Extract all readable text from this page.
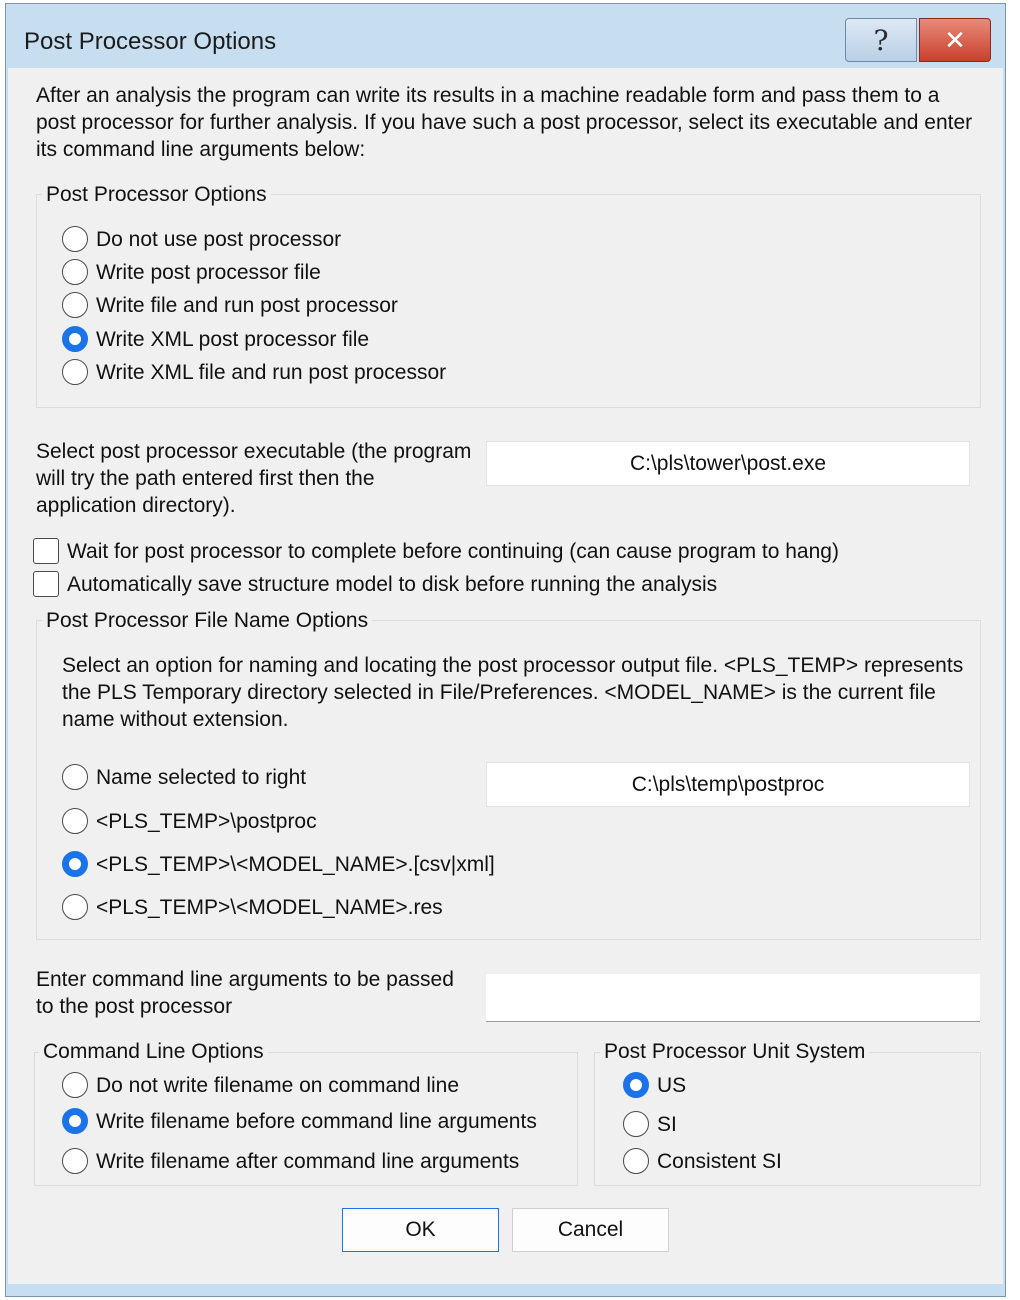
Post Processor Options	? ✕
After an analysis the program can write its results in a machine readable form and pass them to a post processor for further analysis. If you have such a post processor, select its executable and enter its command line arguments below:
Post Processor Options
Do not use post processor
Write post processor file
Write file and run post processor
Write XML post processor file
Write XML file and run post processor
Select post processor executable (the program will try the path entered first then the application directory).
C:\pls\tower\post.exe
Wait for post processor to complete before continuing (can cause program to hang)
Automatically save structure model to disk before running the analysis
Post Processor File Name Options
Select an option for naming and locating the post processor output file. <PLS_TEMP> represents the PLS Temporary directory selected in File/Preferences. <MODEL_NAME> is the current file name without extension.
Name selected to right	C:\pls\temp\postproc
<PLS_TEMP>\postproc
<PLS_TEMP>\<MODEL_NAME>.[csv|xml]
<PLS_TEMP>\<MODEL_NAME>.res
Enter command line arguments to be passed to the post processor
Command Line Options
Do not write filename on command line
Write filename before command line arguments
Write filename after command line arguments
Post Processor Unit System
US
SI
Consistent SI
OK	Cancel
